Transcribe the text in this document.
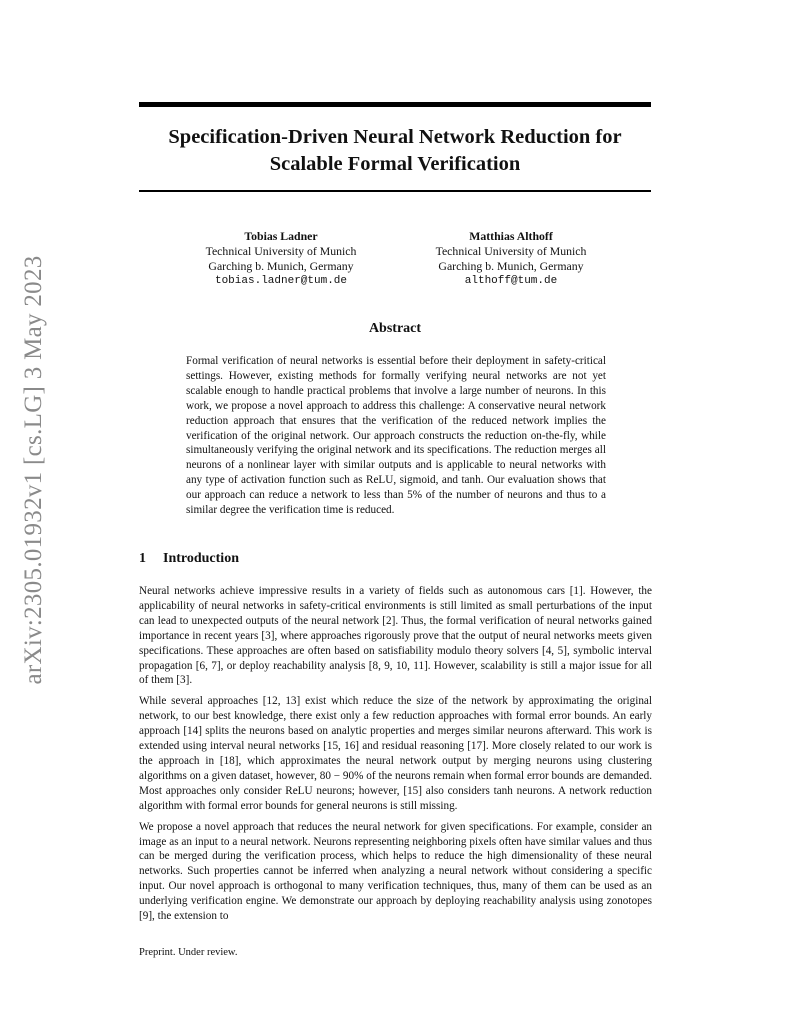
arXiv:2305.01932v1 [cs.LG] 3 May 2023
Specification-Driven Neural Network Reduction for Scalable Formal Verification
Tobias Ladner
Technical University of Munich
Garching b. Munich, Germany
tobias.ladner@tum.de
Matthias Althoff
Technical University of Munich
Garching b. Munich, Germany
althoff@tum.de
Abstract

Formal verification of neural networks is essential before their deployment in safety-critical settings. However, existing methods for formally verifying neural networks are not yet scalable enough to handle practical problems that involve a large number of neurons. In this work, we propose a novel approach to address this challenge: A conservative neural network reduction approach that ensures that the verification of the reduced network implies the verification of the original network. Our approach constructs the reduction on-the-fly, while simultaneously verifying the original network and its specifications. The reduction merges all neurons of a nonlinear layer with similar outputs and is applicable to neural networks with any type of activation function such as ReLU, sigmoid, and tanh. Our evaluation shows that our approach can reduce a network to less than 5% of the number of neurons and thus to a similar degree the verification time is reduced.

1 Introduction

Neural networks achieve impressive results in a variety of fields such as autonomous cars [1]. However, the applicability of neural networks in safety-critical environments is still limited as small perturbations of the input can lead to unexpected outputs of the neural network [2]. Thus, the formal verification of neural networks gained importance in recent years [3], where approaches rigorously prove that the output of neural networks meets given specifications. These approaches are often based on satisfiability modulo theory solvers [4, 5], symbolic interval propagation [6, 7], or deploy reachability analysis [8, 9, 10, 11]. However, scalability is still a major issue for all of them [3].

While several approaches [12, 13] exist which reduce the size of the network by approximating the original network, to our best knowledge, there exist only a few reduction approaches with formal error bounds. An early approach [14] splits the neurons based on analytic properties and merges similar neurons afterward. This work is extended using interval neural networks [15, 16] and residual reasoning [17]. More closely related to our work is the approach in [18], which approximates the neural network output by merging neurons using clustering algorithms on a given dataset, however, 80 − 90% of the neurons remain when formal error bounds are demanded. Most approaches only consider ReLU neurons; however, [15] also considers tanh neurons. A network reduction algorithm with formal error bounds for general neurons is still missing.

We propose a novel approach that reduces the neural network for given specifications. For example, consider an image as an input to a neural network. Neurons representing neighboring pixels often have similar values and thus can be merged during the verification process, which helps to reduce the high dimensionality of these neural networks. Such properties cannot be inferred when analyzing a neural network without considering a specific input. Our novel approach is orthogonal to many verification techniques, thus, many of them can be used as an underlying verification engine. We demonstrate our approach by deploying reachability analysis using zonotopes [9], the extension to

Preprint. Under review.
